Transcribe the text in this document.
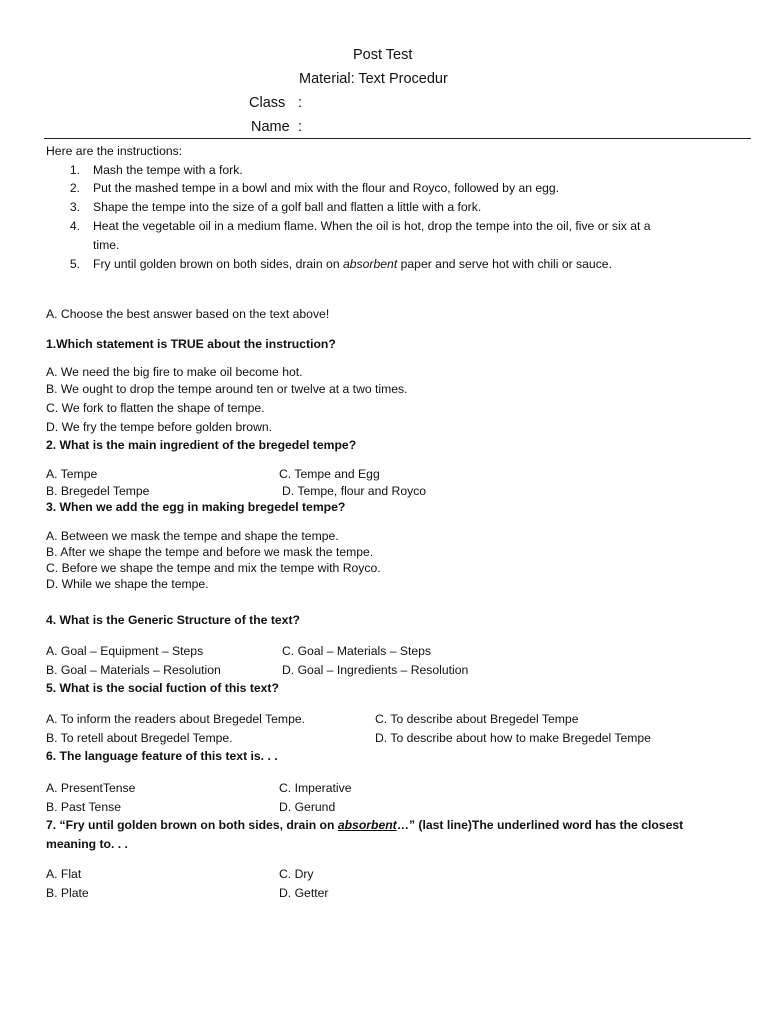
Post Test
Material: Text Procedur
Class :
Name :
Here are the instructions:
1. Mash the tempe with a fork.
2. Put the mashed tempe in a bowl and mix with the flour and Royco, followed by an egg.
3. Shape the tempe into the size of a golf ball and flatten a little with a fork.
4. Heat the vegetable oil in a medium flame. When the oil is hot, drop the tempe into the oil, five or six at a
time.
5. Fry until golden brown on both sides, drain on absorbent paper and serve hot with chili or sauce.
A. Choose the best answer based on the text above!
1.Which statement is TRUE about the instruction?
A. We need the big fire to make oil become hot.
B. We ought to drop the tempe around ten or twelve at a two times.
C. We fork to flatten the shape of tempe.
D. We fry the tempe before golden brown.
2. What is the main ingredient of the bregedel tempe?
A. Tempe	C. Tempe and Egg
B. Bregedel Tempe	D. Tempe, flour and Royco
3. When we add the egg in making bregedel tempe?
A. Between we mask the tempe and shape the tempe.
B. After we shape the tempe and before we mask the tempe.
C. Before we shape the tempe and mix the tempe with Royco.
D. While we shape the tempe.
4. What is the Generic Structure of the text?
A. Goal – Equipment – Steps	C. Goal – Materials – Steps
B. Goal – Materials – Resolution	D. Goal – Ingredients – Resolution
5. What is the social fuction of this text?
A. To inform the readers about Bregedel Tempe.	C. To describe about Bregedel Tempe
B. To retell about Bregedel Tempe.	D. To describe about how to make Bregedel Tempe
6. The language feature of this text is. . .
A. PresentTense	C. Imperative
B. Past Tense	D. Gerund
7. “Fry until golden brown on both sides, drain on absorbent…” (last line)The underlined word has the closest
meaning to. . .
A. Flat	C. Dry
B. Plate	D. Getter
